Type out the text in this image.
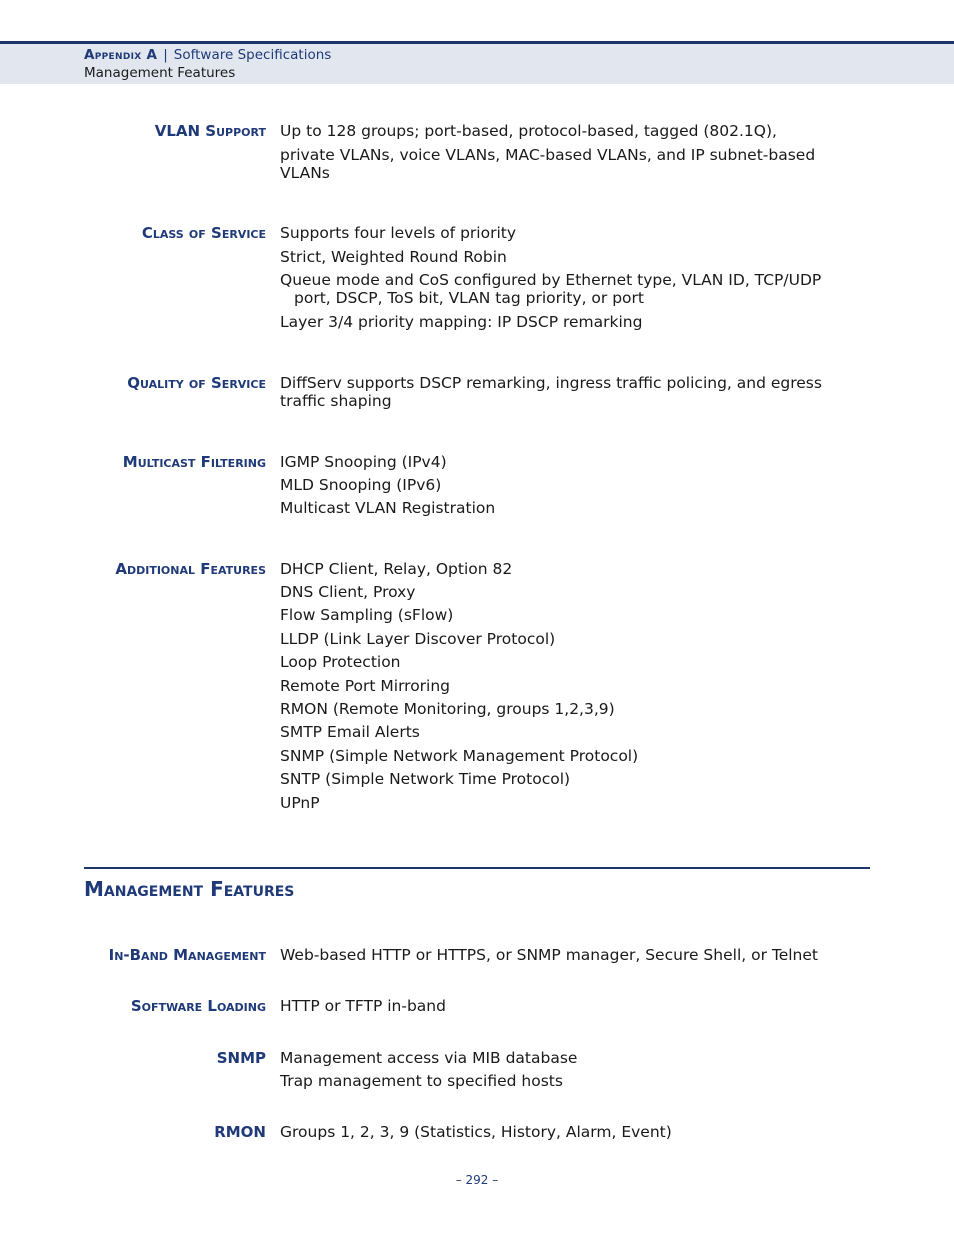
Appendix A | Software Specifications
Management Features
VLAN Support Up to 128 groups; port-based, protocol-based, tagged (802.1Q),
private VLANs, voice VLANs, MAC-based VLANs, and IP subnet-based VLANs
Class of Service Supports four levels of priority
Strict, Weighted Round Robin
Queue mode and CoS configured by Ethernet type, VLAN ID, TCP/UDP
port, DSCP, ToS bit, VLAN tag priority, or port
Layer 3/4 priority mapping: IP DSCP remarking
Quality of Service DiffServ supports DSCP remarking, ingress traffic policing, and egress traffic shaping
Multicast Filtering IGMP Snooping (IPv4)
MLD Snooping (IPv6)
Multicast VLAN Registration
Additional Features DHCP Client, Relay, Option 82
DNS Client, Proxy
Flow Sampling (sFlow)
LLDP (Link Layer Discover Protocol)
Loop Protection
Remote Port Mirroring
RMON (Remote Monitoring, groups 1,2,3,9)
SMTP Email Alerts
SNMP (Simple Network Management Protocol)
SNTP (Simple Network Time Protocol)
UPnP
Management Features
In-Band Management Web-based HTTP or HTTPS, or SNMP manager, Secure Shell, or Telnet
Software Loading HTTP or TFTP in-band
SNMP Management access via MIB database
Trap management to specified hosts
RMON Groups 1, 2, 3, 9 (Statistics, History, Alarm, Event)
– 292 –
